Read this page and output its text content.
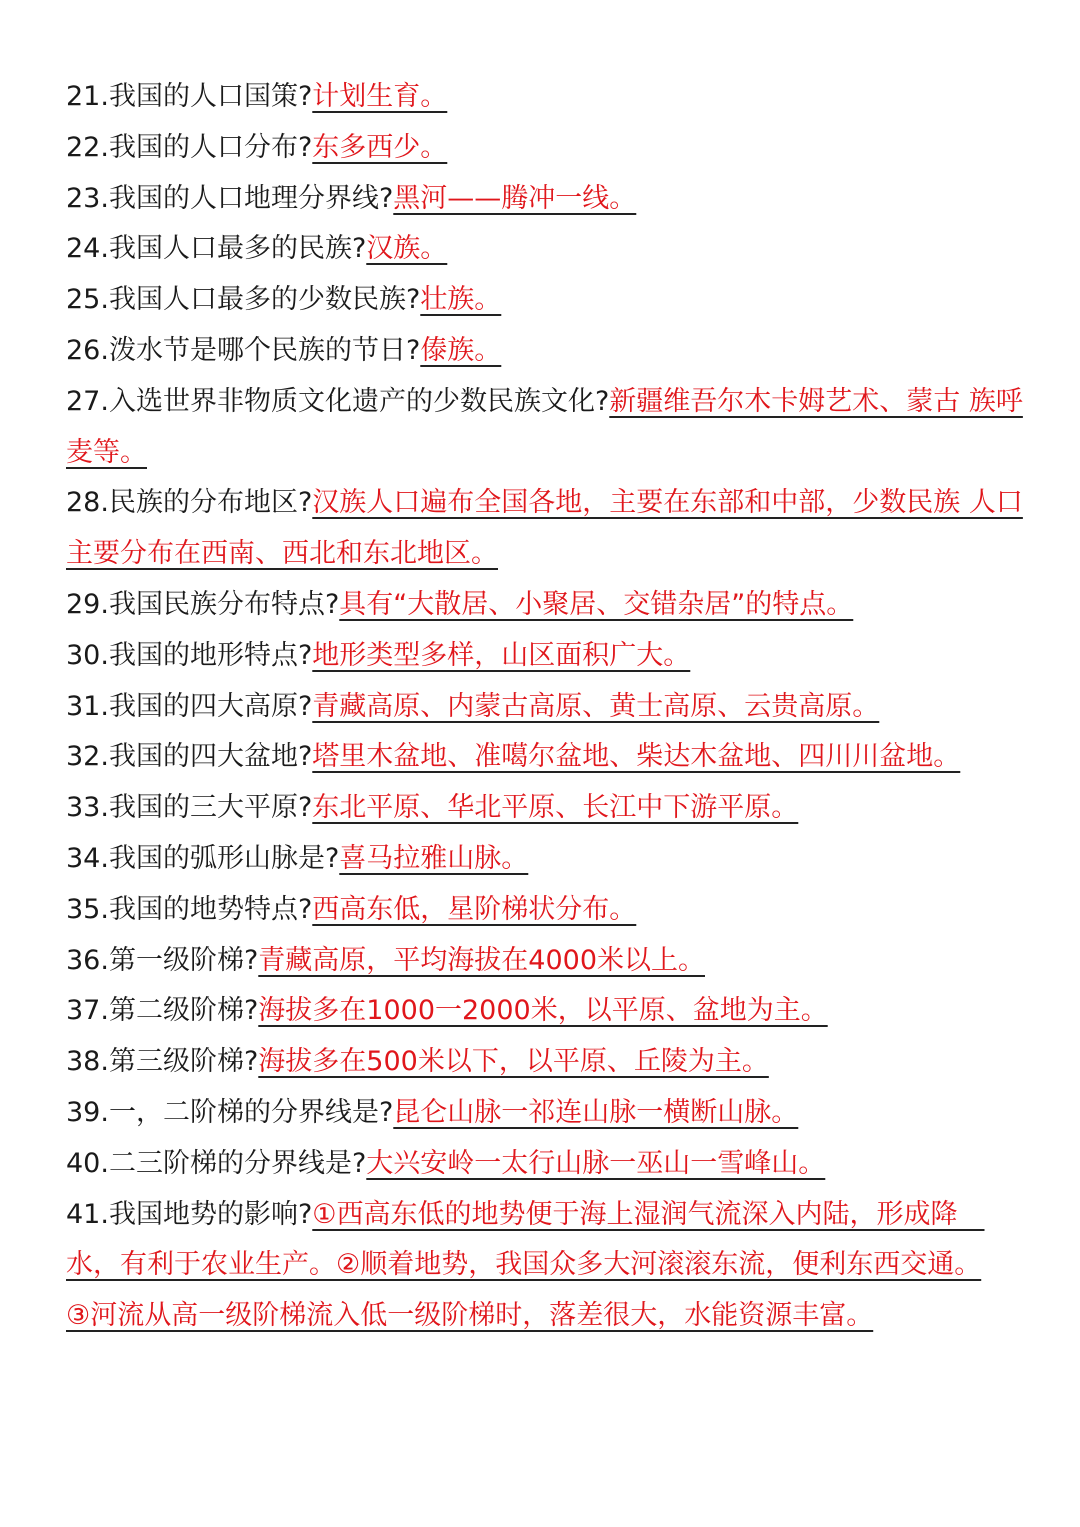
21.我国的人口国策?计划生育。

22.我国的人口分布?东多西少。

23.我国的人口地理分界线?黑河——腾冲一线。

24.我国人口最多的民族?汉族。

25.我国人口最多的少数民族?壮族。

26.泼水节是哪个民族的节日?傣族。

27.入选世界非物质文化遗产的少数民族文化?新疆维吾尔木卡姆艺术、蒙古 族呼麦等。

28.民族的分布地区?汉族人口遍布全国各地，主要在东部和中部，少数民族 人口主要分布在西南、西北和东北地区。

29.我国民族分布特点?具有“大散居、小聚居、交错杂居”的特点。

30.我国的地形特点?地形类型多样，山区面积广大。

31.我国的四大高原?青藏高原、内蒙古高原、黄士高原、云贵高原。

32.我国的四大盆地?塔里木盆地、准噶尔盆地、柴达木盆地、四川川盆地。

33.我国的三大平原?东北平原、华北平原、长江中下游平原。

34.我国的弧形山脉是?喜马拉雅山脉。

35.我国的地势特点?西高东低，星阶梯状分布。

36.第一级阶梯?青藏高原，平均海拔在4000米以上。

37.第二级阶梯?海拔多在1000一2000米，以平原、盆地为主。

38.第三级阶梯?海拔多在500米以下，以平原、丘陵为主。

39.一，二阶梯的分界线是?昆仑山脉一祁连山脉一横断山脉。

40.二三阶梯的分界线是?大兴安岭一太行山脉一巫山一雪峰山。

41.我国地势的影响?①西高东低的地势便于海上湿润气流深入内陆，形成降　水，有利于农业生产。②顺着地势，我国众多大河滚滚东流，便利东西交通。

③河流从高一级阶梯流入低一级阶梯时，落差很大，水能资源丰富。
